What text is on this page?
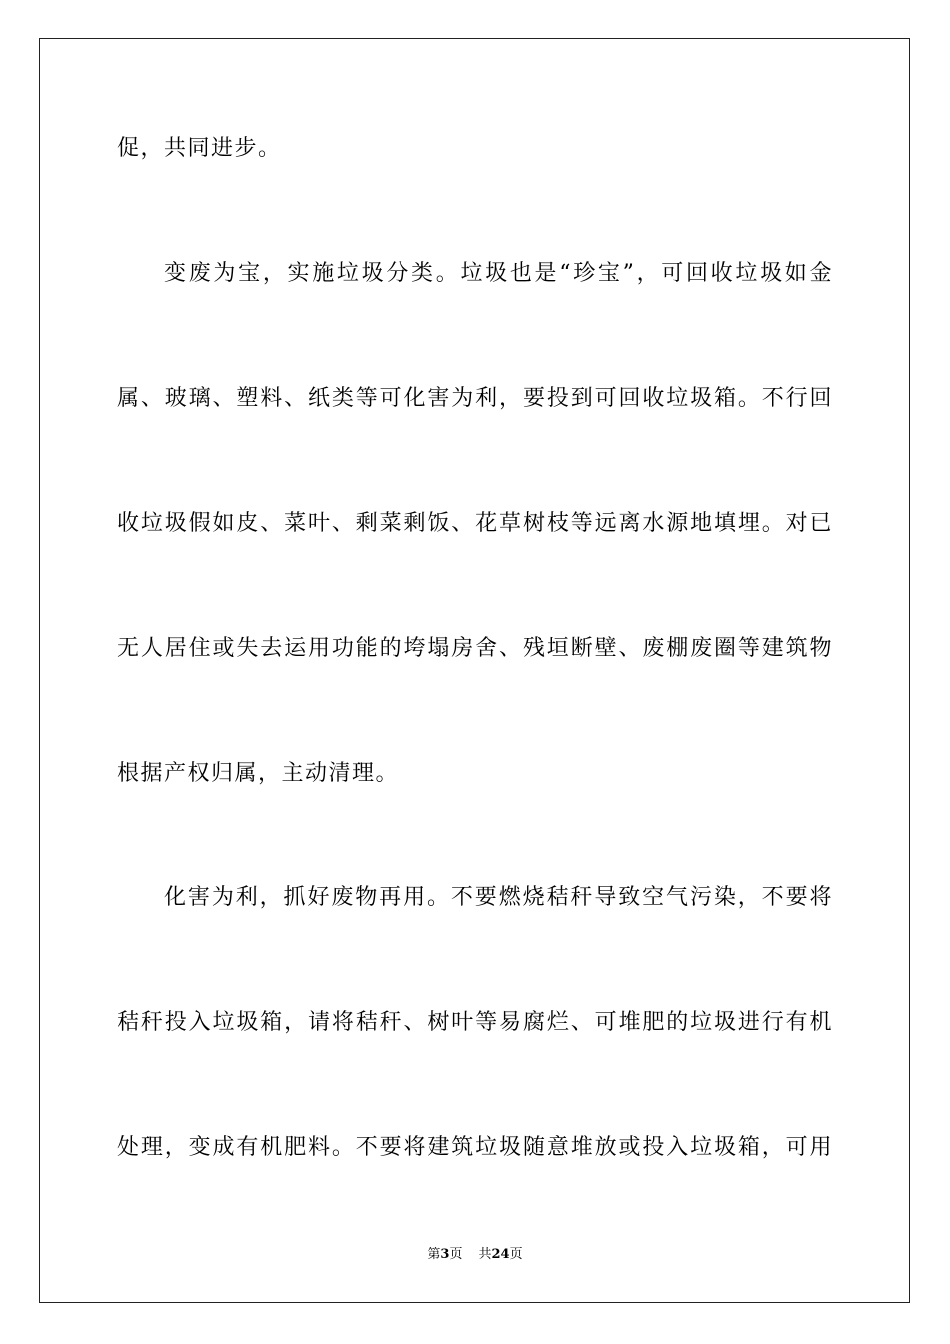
促，共同进步。
变废为宝，实施垃圾分类。垃圾也是“珍宝”，可回收垃圾如金
属、玻璃、塑料、纸类等可化害为利，要投到可回收垃圾箱。不行回
收垃圾假如皮、菜叶、剩菜剩饭、花草树枝等远离水源地填埋。对已
无人居住或失去运用功能的垮塌房舍、残垣断壁、废棚废圈等建筑物
根据产权归属，主动清理。
化害为利，抓好废物再用。不要燃烧秸秆导致空气污染，不要将
秸秆投入垃圾箱，请将秸秆、树叶等易腐烂、可堆肥的垃圾进行有机
处理，变成有机肥料。不要将建筑垃圾随意堆放或投入垃圾箱，可用
第3页 共24页
